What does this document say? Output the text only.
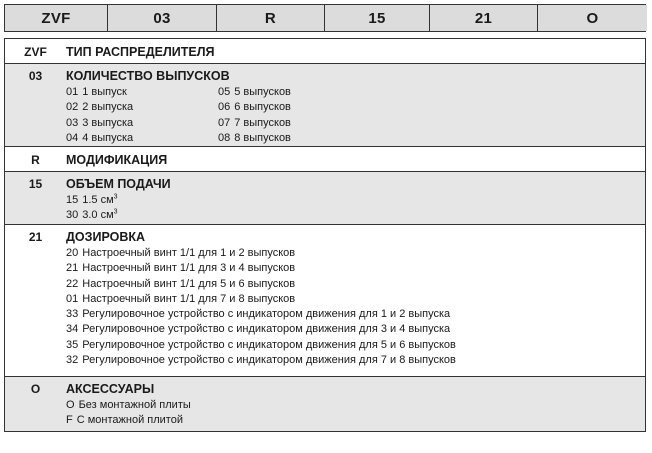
ZVF	03	R	15	21	O
ZVF	ТИП РАСПРЕДЕЛИТЕЛЯ
03	КОЛИЧЕСТВО ВЫПУСКОВ
01 1 выпуск
02 2 выпуска
03 3 выпуска
04 4 выпуска
05 5 выпусков
06 6 выпусков
07 7 выпусков
08 8 выпусков
R	МОДИФИКАЦИЯ
15	ОБЪЕМ ПОДАЧИ
15 1.5 $см^3$
30 3.0 $см^3$
21	ДОЗИРОВКА
20 Настроечный винт 1/1 для 1 и 2 выпусков
21 Настроечный винт 1/1 для 3 и 4 выпусков
22 Настроечный винт 1/1 для 5 и 6 выпусков
01 Настроечный винт 1/1 для 7 и 8 выпусков
33 Регулировочное устройство с индикатором движения для 1 и 2 выпуска
34 Регулировочное устройство с индикатором движения для 3 и 4 выпуска
35 Регулировочное устройство с индикатором движения для 5 и 6 выпусков
32 Регулировочное устройство с индикатором движения для 7 и 8 выпусков
O	АКСЕССУАРЫ
O Без монтажной плиты
F С монтажной плитой
